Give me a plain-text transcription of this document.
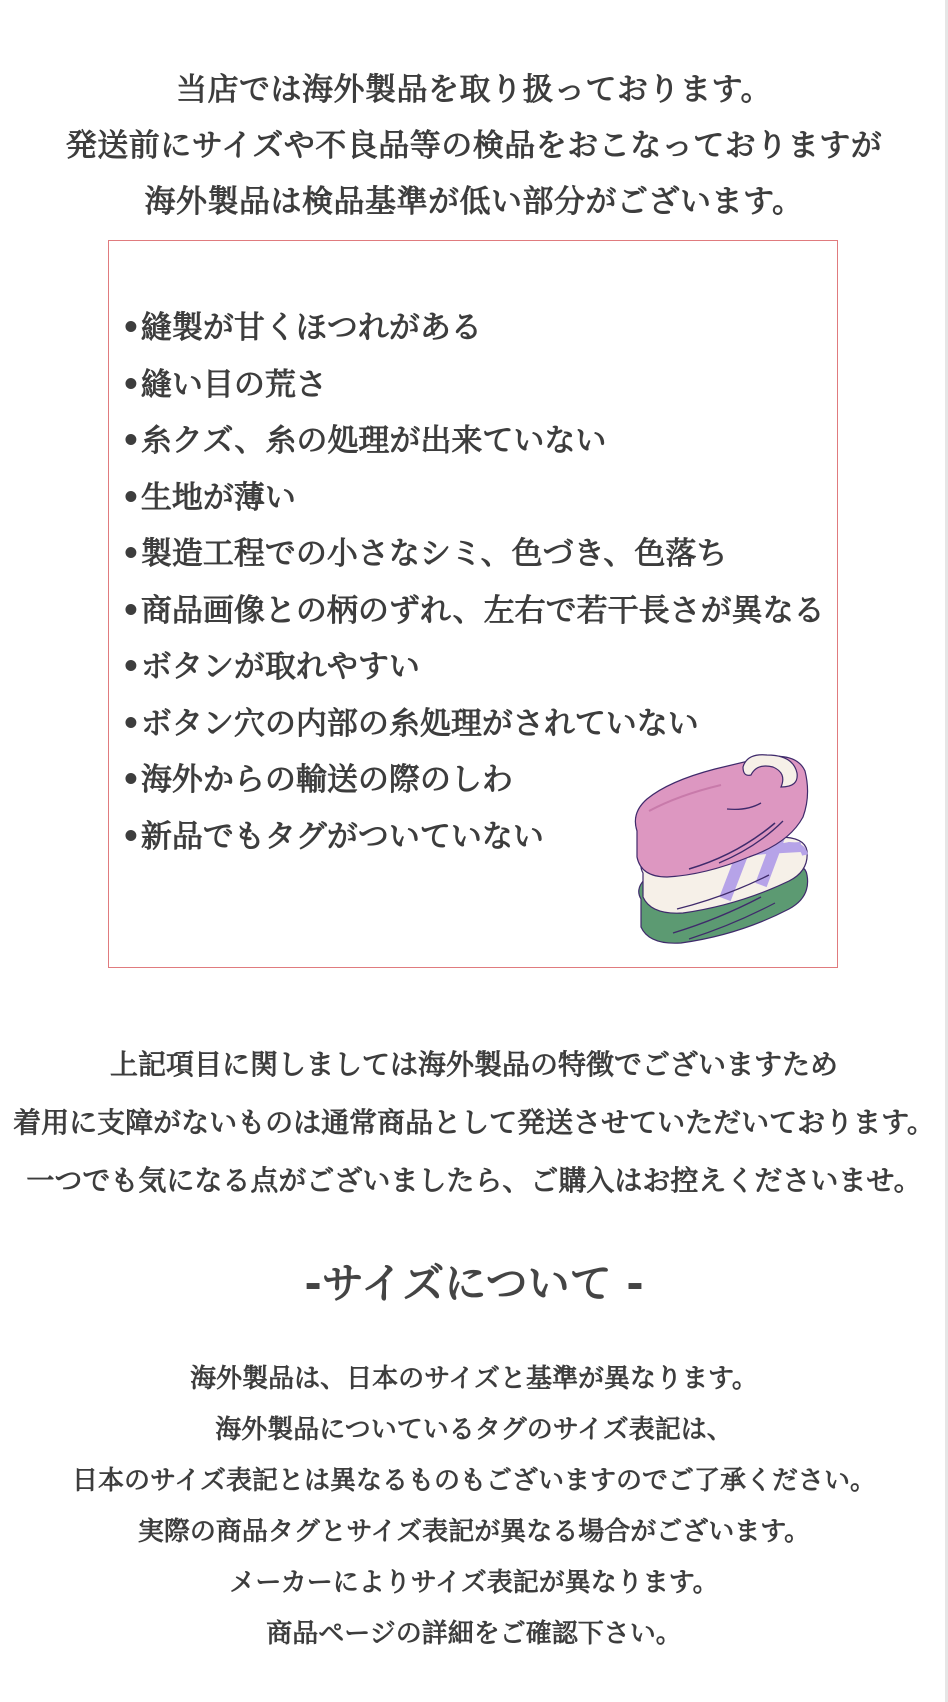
当店では海外製品を取り扱っております。
発送前にサイズや不良品等の検品をおこなっておりますが
海外製品は検品基準が低い部分がございます。
•縫製が甘くほつれがある
•縫い目の荒さ
•糸クズ、糸の処理が出来ていない
•生地が薄い
•製造工程での小さなシミ、色づき、色落ち
•商品画像との柄のずれ、左右で若干長さが異なる
•ボタンが取れやすい
•ボタン穴の内部の糸処理がされていない
•海外からの輸送の際のしわ
•新品でもタグがついていない
上記項目に関しましては海外製品の特徴でございますため
着用に支障がないものは通常商品として発送させていただいております。
一つでも気になる点がございましたら、ご購入はお控えくださいませ。
-サイズについて -
海外製品は、日本のサイズと基準が異なります。
海外製品についているタグのサイズ表記は、
日本のサイズ表記とは異なるものもございますのでご了承ください。
実際の商品タグとサイズ表記が異なる場合がございます。
メーカーによりサイズ表記が異なります。
商品ページの詳細をご確認下さい。
